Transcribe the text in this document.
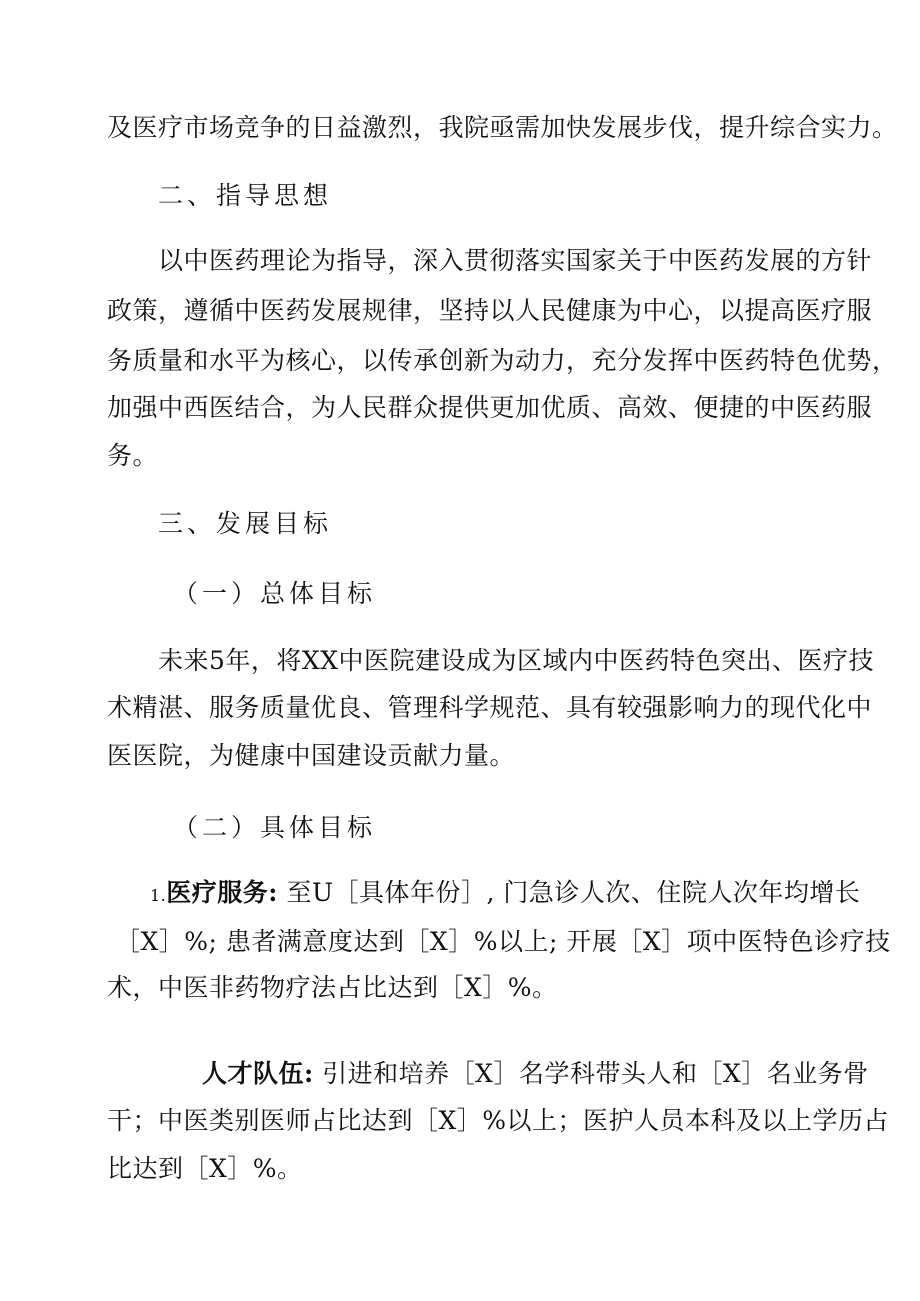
及医疗市场竞争的日益激烈，我院亟需加快发展步伐，提升综合实力。
二、指导思想
以中医药理论为指导，深入贯彻落实国家关于中医药发展的方针
政策，遵循中医药发展规律，坚持以人民健康为中心，以提高医疗服
务质量和水平为核心，以传承创新为动力，充分发挥中医药特色优势，
加强中西医结合，为人民群众提供更加优质、高效、便捷的中医药服
务。
三、发展目标
（一）总体目标
未来5年，将XX中医院建设成为区域内中医药特色突出、医疗技
术精湛、服务质量优良、管理科学规范、具有较强影响力的现代化中
医医院，为健康中国建设贡献力量。
（二）具体目标
1.医疗服务: 至U［具体年份］, 门急诊人次、住院人次年均增长
［X］%; 患者满意度达到［X］%以上; 开展［X］项中医特色诊疗技
术，中医非药物疗法占比达到［X］%。
人才队伍: 引进和培养［X］名学科带头人和［X］名业务骨
干；中医类别医师占比达到［X］%以上；医护人员本科及以上学历占
比达到［X］%。
